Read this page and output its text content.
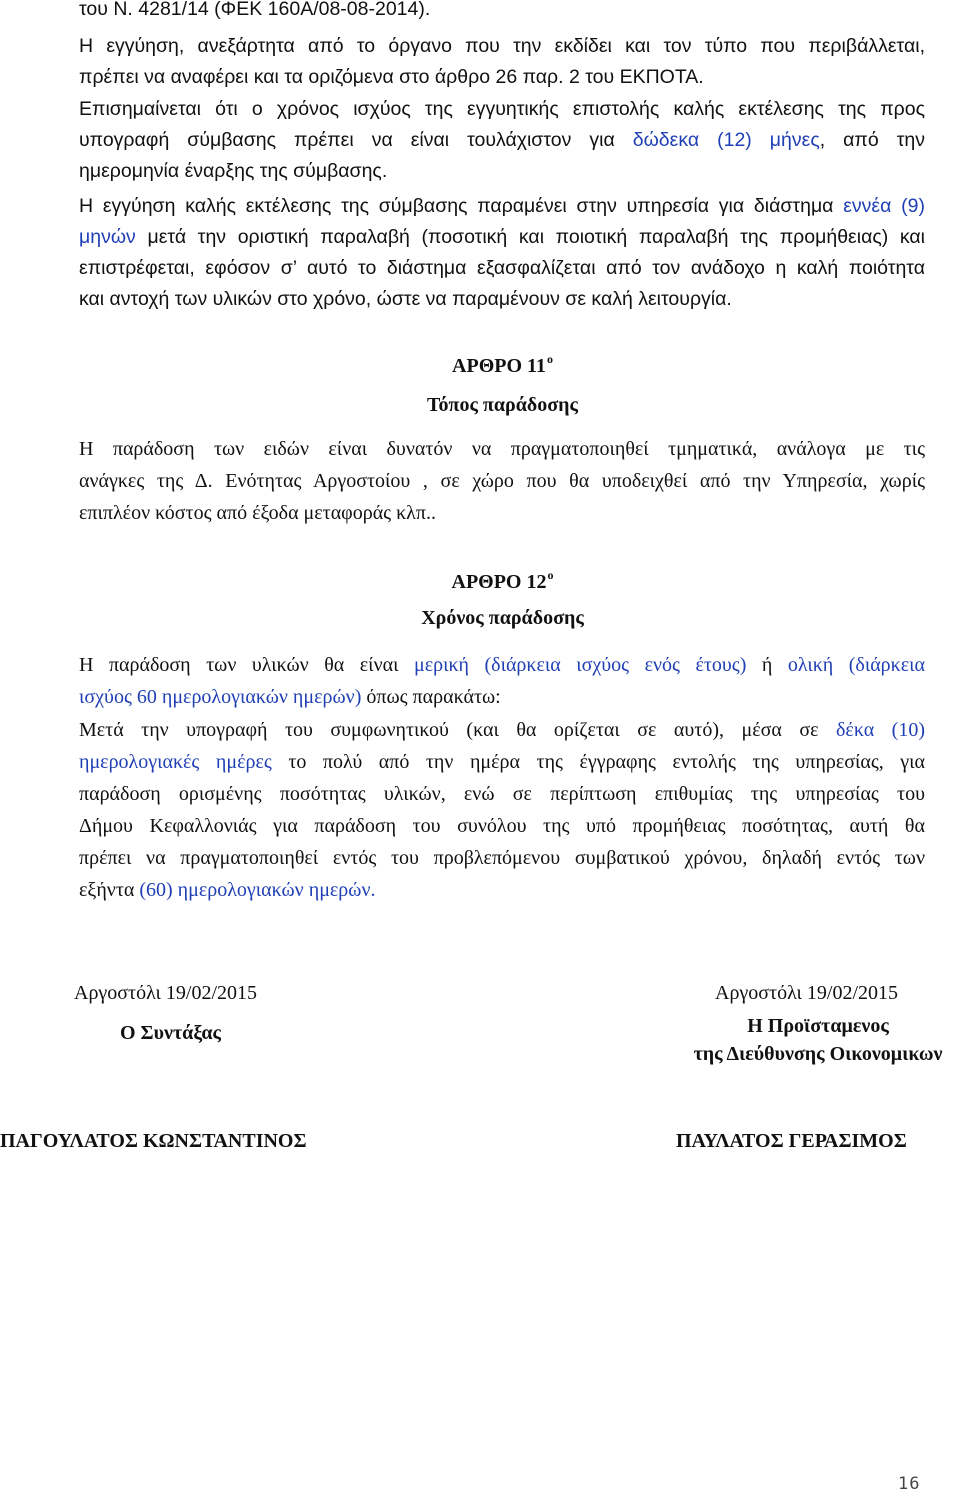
του Ν. 4281/14 (ΦΕΚ 160Α/08-08-2014).
Η εγγύηση, ανεξάρτητα από το όργανο που την εκδίδει και τον τύπο που περιβάλλεται,
πρέπει να αναφέρει και τα οριζόμενα στο άρθρο 26 παρ. 2 του ΕΚΠΟΤΑ.
Επισημαίνεται ότι ο χρόνος ισχύος της εγγυητικής επιστολής καλής εκτέλεσης της προς
υπογραφή σύμβασης πρέπει να είναι τουλάχιστον για δώδεκα (12) μήνες, από την
ημερομηνία έναρξης της σύμβασης.
Η εγγύηση καλής εκτέλεσης της σύμβασης παραμένει στην υπηρεσία για διάστημα εννέα (9)
μηνών μετά την οριστική παραλαβή (ποσοτική και ποιοτική παραλαβή της προμήθειας) και
επιστρέφεται, εφόσον σ’ αυτό το διάστημα εξασφαλίζεται από τον ανάδοχο η καλή ποιότητα
και αντοχή των υλικών στο χρόνο, ώστε να παραμένουν σε καλή λειτουργία.
ΑΡΘΡΟ $11^o$
Τόπος παράδοσης
Η παράδοση των ειδών είναι δυνατόν να πραγματοποιηθεί τμηματικά, ανάλογα με τις
ανάγκες της Δ. Ενότητας Αργοστοίου , σε χώρο που θα υποδειχθεί από την Υπηρεσία, χωρίς
επιπλέον κόστος από έξοδα μεταφοράς κλπ..
ΑΡΘΡΟ $12^o$
Χρόνος παράδοσης
Η παράδοση των υλικών θα είναι μερική (διάρκεια ισχύος ενός έτους) ή ολική (διάρκεια
ισχύος 60 ημερολογιακών ημερών) όπως παρακάτω:
Μετά την υπογραφή του συμφωνητικού (και θα ορίζεται σε αυτό), μέσα σε δέκα (10)
ημερολογιακές ημέρες το πολύ από την ημέρα της έγγραφης εντολής της υπηρεσίας, για
παράδοση ορισμένης ποσότητας υλικών, ενώ σε περίπτωση επιθυμίας της υπηρεσίας του
Δήμου Κεφαλλονιάς για παράδοση του συνόλου της υπό προμήθειας ποσότητας, αυτή θα
πρέπει να πραγματοποιηθεί εντός του προβλεπόμενου συμβατικού χρόνου, δηλαδή εντός των
εξήντα (60) ημερολογιακών ημερών.
Αργοστόλι 19/02/2015
Ο Συντάξας
ΠΑΓΟΥΛΑΤΟΣ ΚΩΝΣΤΑΝΤΙΝΟΣ
Αργοστόλι 19/02/2015
Η Προϊσταμενος
της Διεύθυνσης Οικονομικων
ΠΑΥΛΑΤΟΣ ΓΕΡΑΣΙΜΟΣ
16
